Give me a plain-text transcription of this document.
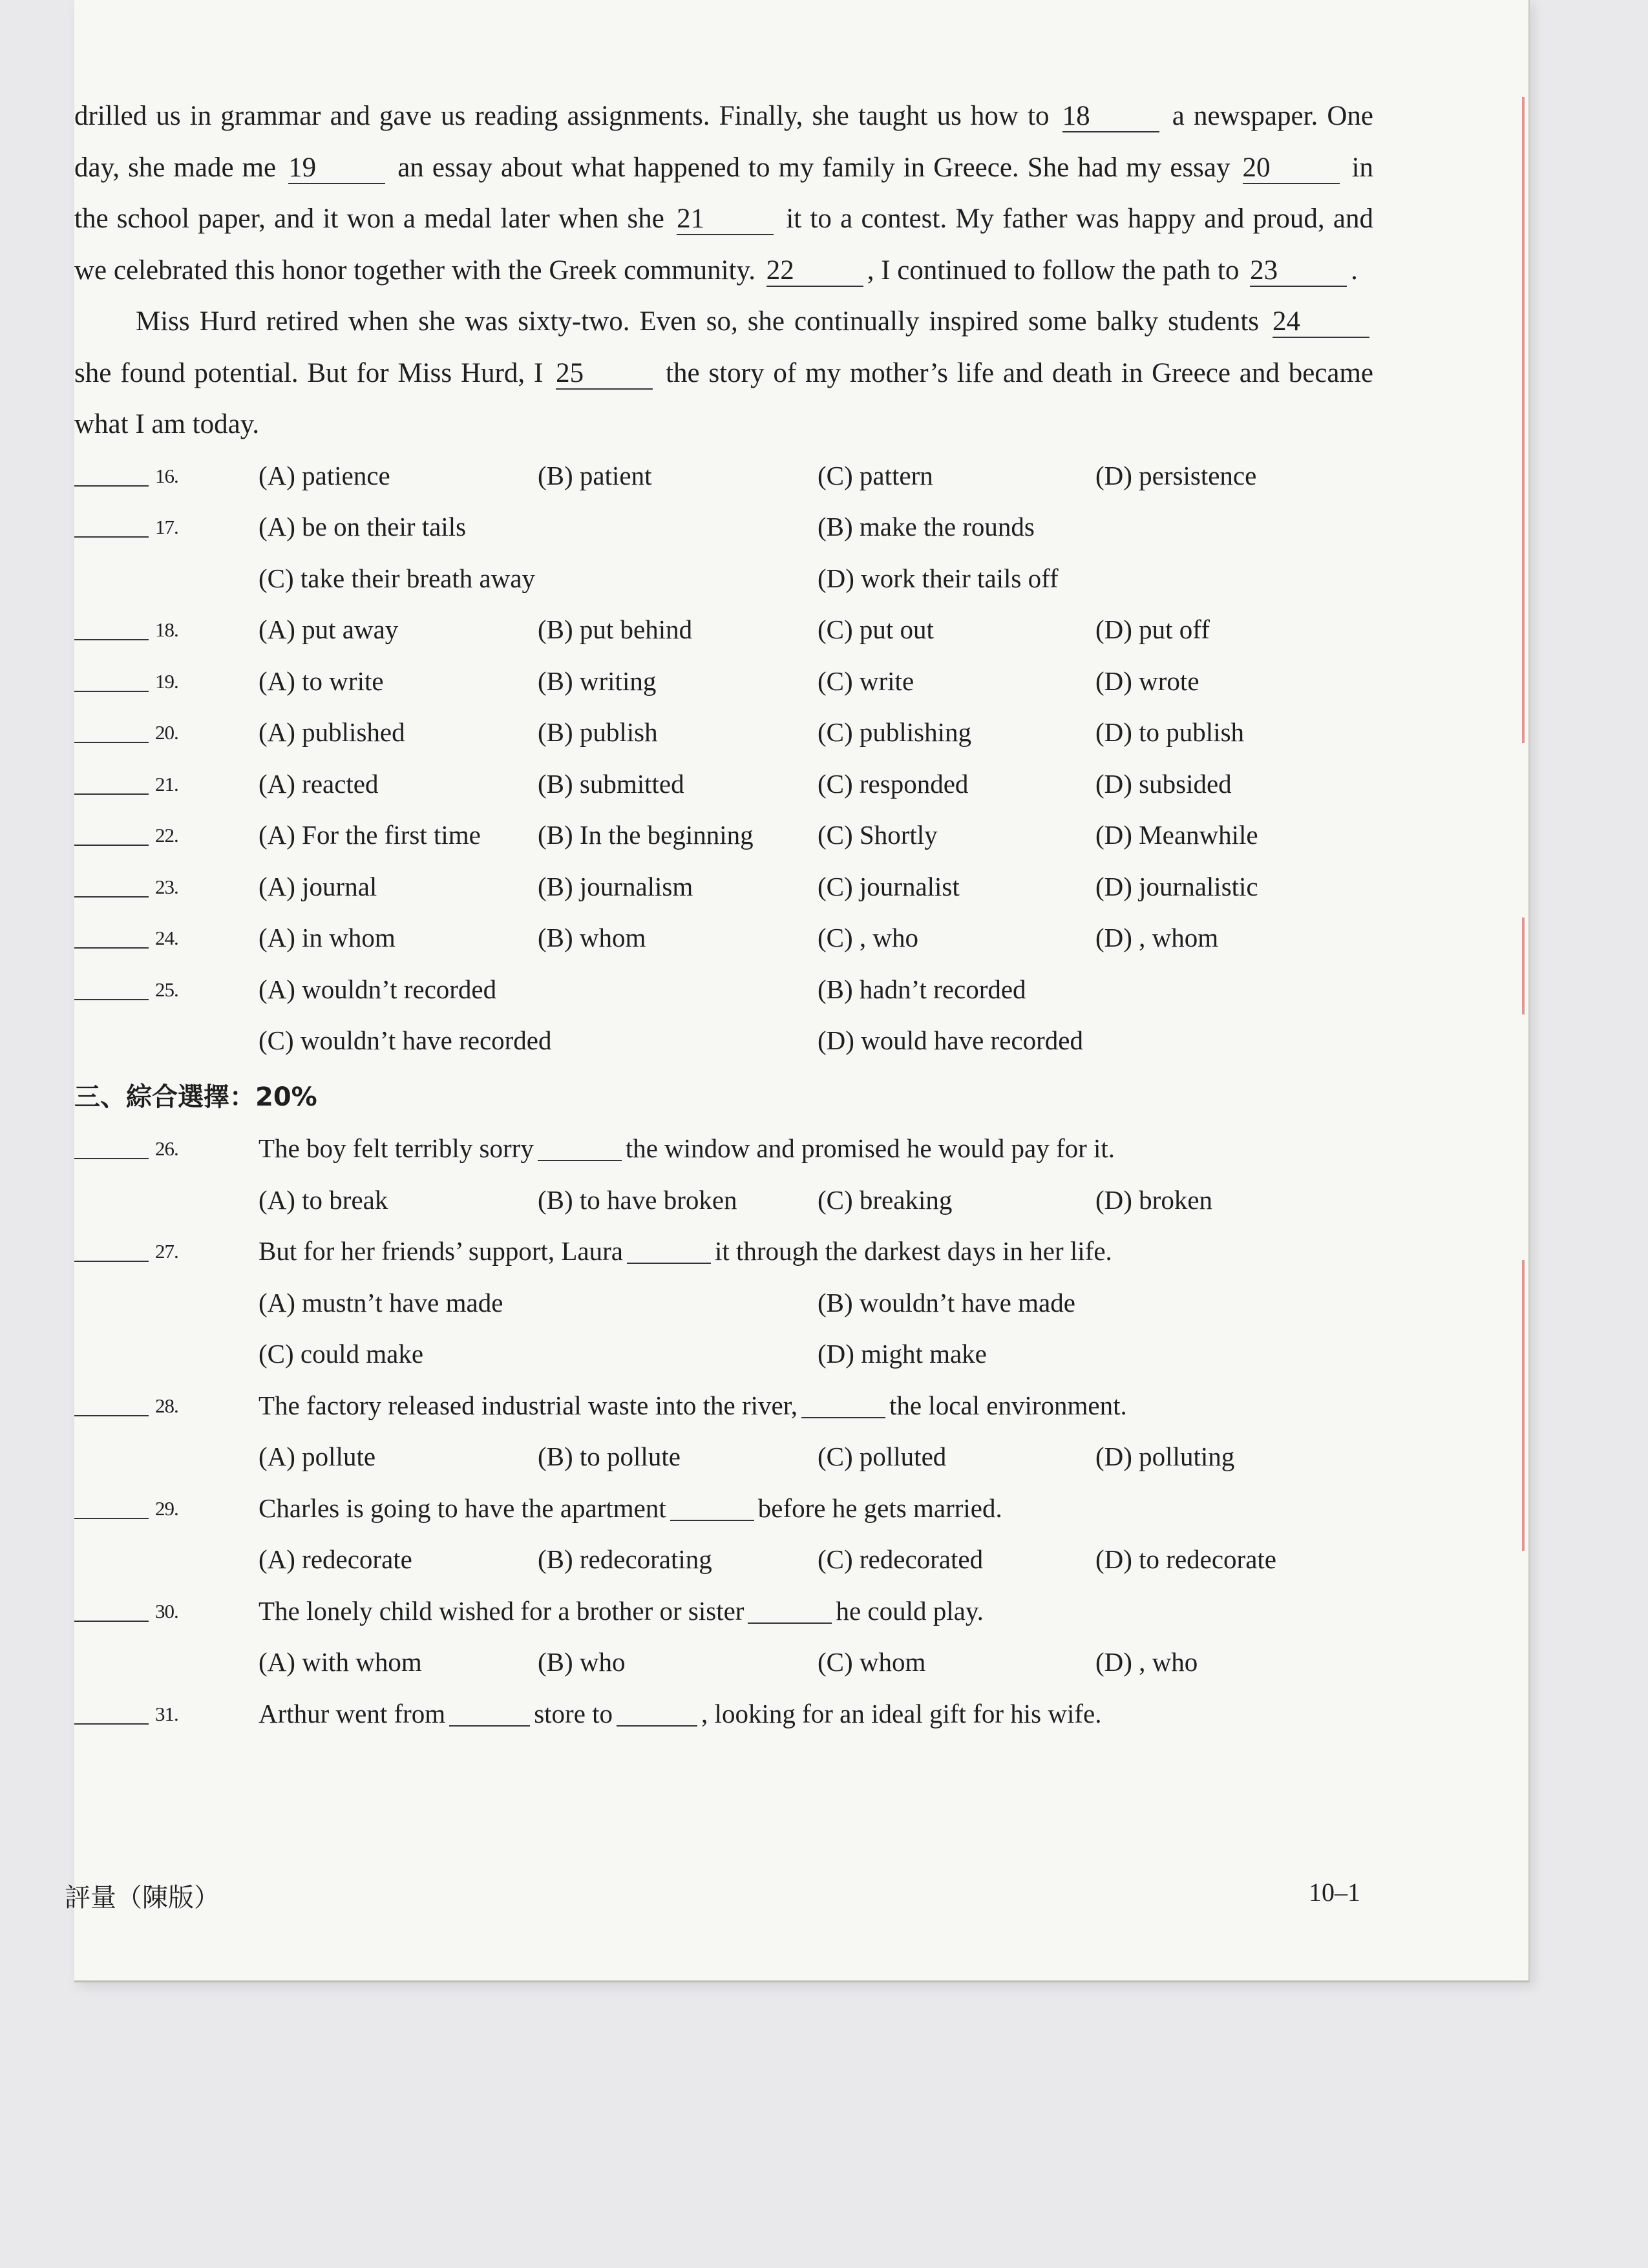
drilled us in grammar and gave us reading assignments. Finally, she taught us how to 18	a newspaper. One day, she made me 19	an essay about what happened to my family in Greece. She had my essay 20	in the school paper, and it won a medal later when she 21	it to a contest. My father was happy and proud, and we celebrated this honor together with the Greek community. 22	, I continued to follow the path to 23	.

Miss Hurd retired when she was sixty-two. Even so, she continually inspired some balky students 24 she found potential. But for Miss Hurd, I 25	the story of my mother’s life and death in Greece and became what I am today.

16.	(A) patience	(B) patient	(C) pattern	(D) persistence
17.	(A) be on their tails	(B) make the rounds
(C) take their breath away	(D) work their tails off
18.	(A) put away	(B) put behind	(C) put out	(D) put off
19.	(A) to write	(B) writing	(C) write	(D) wrote
20.	(A) published	(B) publish	(C) publishing	(D) to publish
21.	(A) reacted	(B) submitted	(C) responded	(D) subsided
22.	(A) For the first time (B) In the beginning (C) Shortly	(D) Meanwhile
23.	(A) journal	(B) journalism	(C) journalist	(D) journalistic
24.	(A) in whom	(B) whom	(C) , who	(D) , whom
25.	(A) wouldn’t recorded	(B) hadn’t recorded
(C) wouldn’t have recorded	(D) would have recorded
三、綜合選擇：20%
26.	The boy felt terribly sorry	the window and promised he would pay for it.
(A) to break	(B) to have broken	(C) breaking	(D) broken
27.	But for her friends’ support, Laura	it through the darkest days in her life.
(A) mustn’t have made	(B) wouldn’t have made
(C) could make	(D) might make
28.	The factory released industrial waste into the river,	the local environment.
(A) pollute	(B) to pollute	(C) polluted	(D) polluting
29.	Charles is going to have the apartment	before he gets married.
(A) redecorate	(B) redecorating	(C) redecorated	(D) to redecorate
30.	The lonely child wished for a brother or sister	he could play.
(A) with whom	(B) who	(C) whom	(D) , who
31.	Arthur went from	store to	, looking for an ideal gift for his wife.
評量（陳版）	10–1
